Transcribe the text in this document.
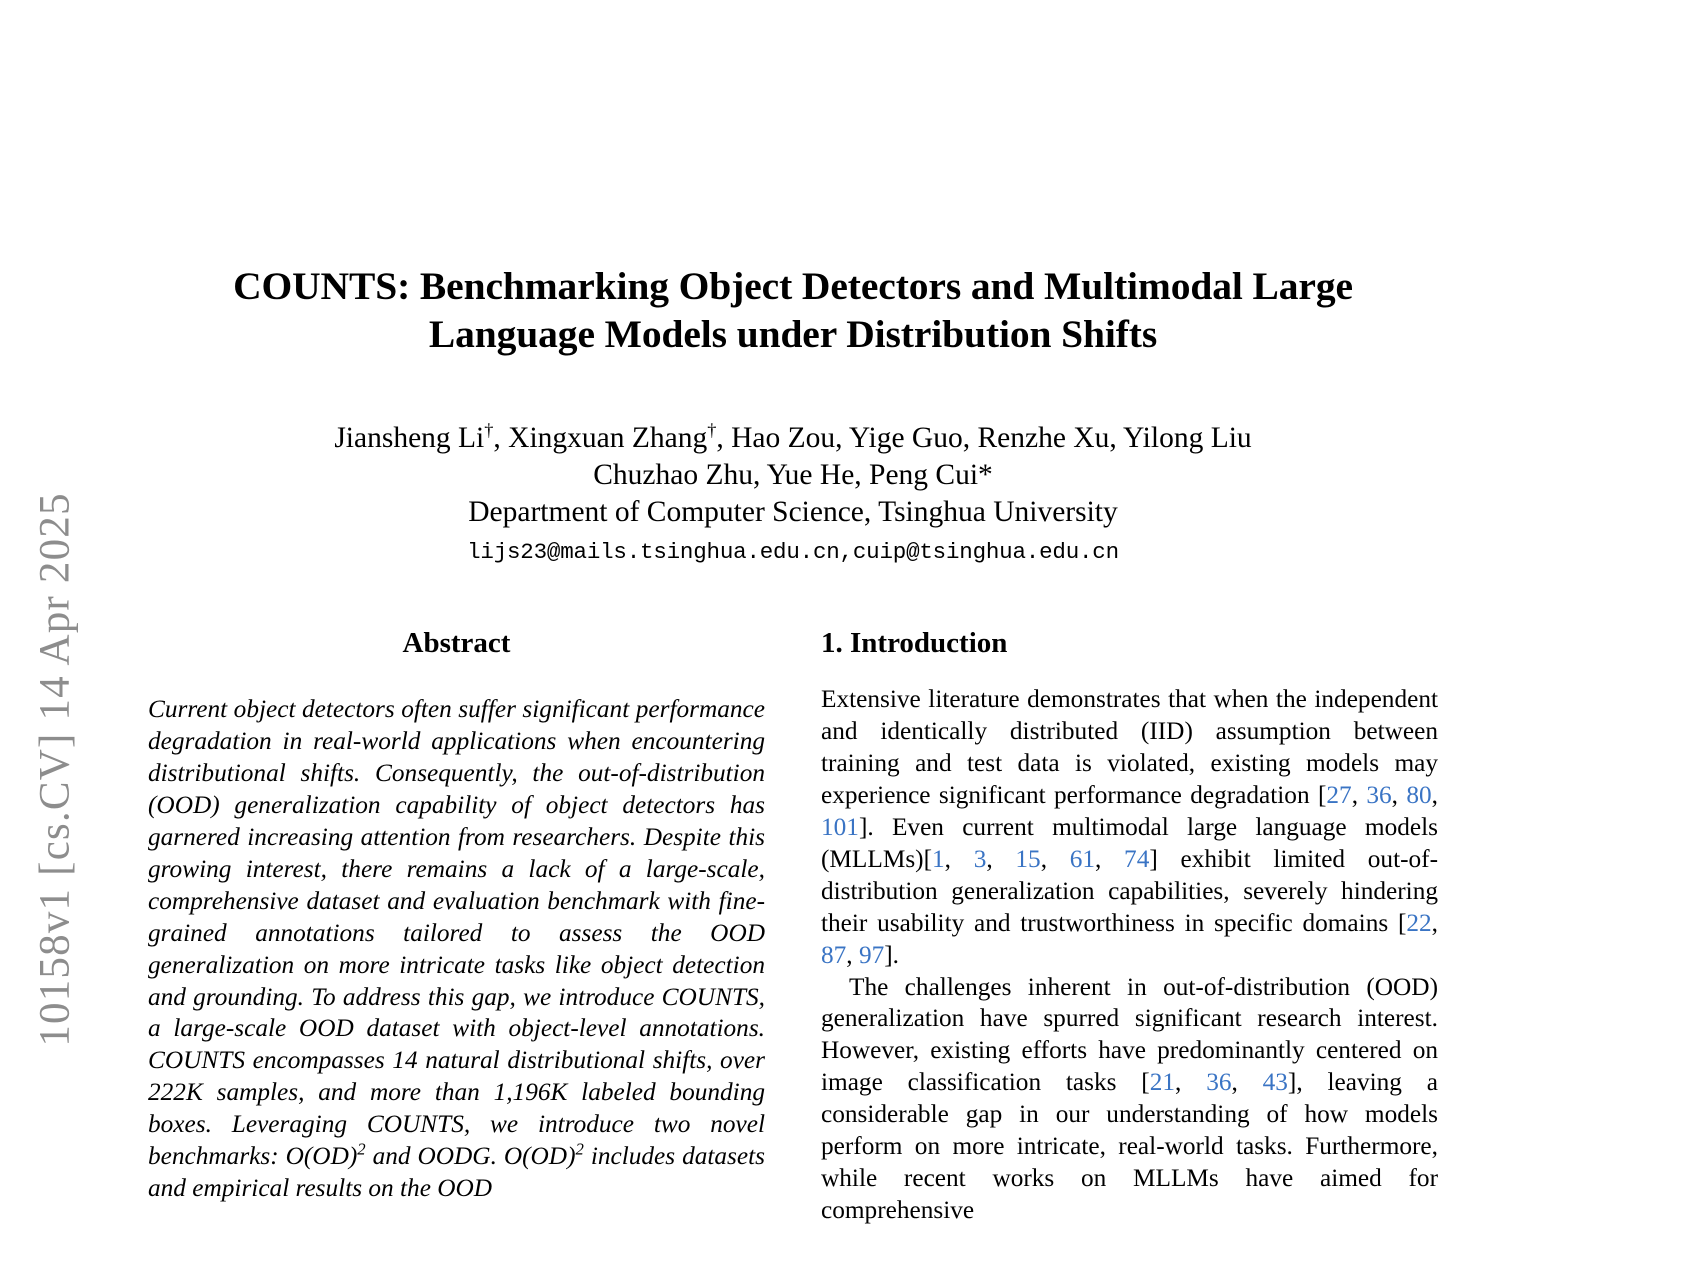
10158v1 [cs.CV] 14 Apr 2025
COUNTS: Benchmarking Object Detectors and Multimodal Large Language Models under Distribution Shifts
Jiansheng Li†, Xingxuan Zhang†, Hao Zou, Yige Guo, Renzhe Xu, Yilong Liu
Chuzhao Zhu, Yue He, Peng Cui*
Department of Computer Science, Tsinghua University
lijs23@mails.tsinghua.edu.cn,cuip@tsinghua.edu.cn
Abstract

Current object detectors often suffer significant performance degradation in real-world applications when encountering distributional shifts. Consequently, the out-of-distribution (OOD) generalization capability of object detectors has garnered increasing attention from researchers. Despite this growing interest, there remains a lack of a large-scale, comprehensive dataset and evaluation benchmark with fine-grained annotations tailored to assess the OOD generalization on more intricate tasks like object detection and grounding. To address this gap, we introduce COUNTS, a large-scale OOD dataset with object-level annotations. COUNTS encompasses 14 natural distributional shifts, over 222K samples, and more than 1,196K labeled bounding boxes. Leveraging COUNTS, we introduce two novel benchmarks: O(OD)$^2$ and OODG. O(OD)$^2$ includes datasets and empirical results on the OOD

1. Introduction

Extensive literature demonstrates that when the independent and identically distributed (IID) assumption between training and test data is violated, existing models may experience significant performance degradation [27, 36, 80, 101]. Even current multimodal large language models (MLLMs)[1, 3, 15, 61, 74] exhibit limited out-of-distribution generalization capabilities, severely hindering their usability and trustworthiness in specific domains [22, 87, 97].

The challenges inherent in out-of-distribution (OOD) generalization have spurred significant research interest. However, existing efforts have predominantly centered on image classification tasks [21, 36, 43], leaving a considerable gap in our understanding of how models perform on more intricate, real-world tasks. Furthermore, while recent works on MLLMs have aimed for comprehensive
